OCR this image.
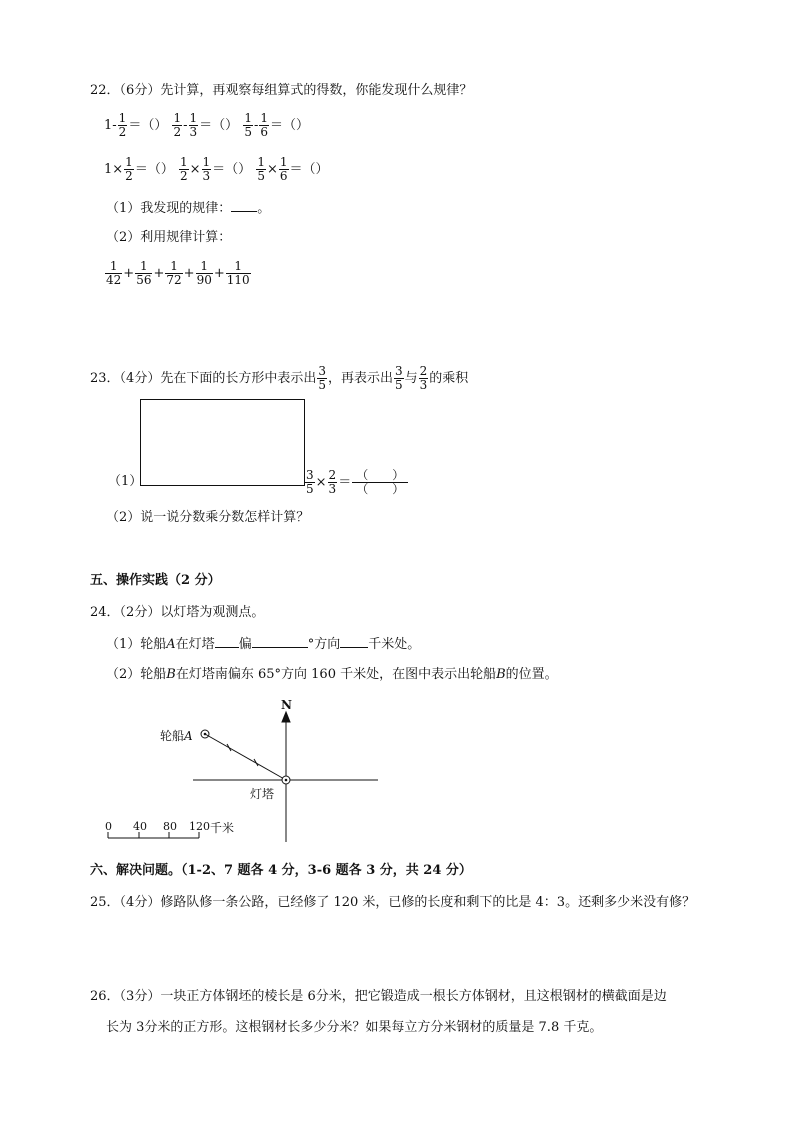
22．（6分）先计算，再观察每组算式的得数，你能发现什么规律？
$1- \frac{1}{2}$ ＝（） $\frac{1}{2} - \frac{1}{3}$ ＝（） $\frac{1}{5} - \frac{1}{6}$ ＝（）
$1\times \frac{1}{2}$ ＝（） $\frac{1}{2} \times \frac{1}{3}$ ＝（） $\frac{1}{5} \times \frac{1}{6}$ ＝（）
（1）我发现的规律： 。
（2）利用规律计算：
$\frac{1}{42} + \frac{1}{56} + \frac{1}{72} + \frac{1}{90} + \frac{1}{110}$
23．（4分）先在下面的长方形中表示出 $\frac{3}{5}$ ，再表示出 $\frac{3}{5}$ 与 $\frac{2}{3}$ 的乘积
（1）	$\frac{3}{5} \times \frac{2}{3} = \frac{( )}{( )}$
（2）说一说分数乘分数怎样计算？
五、操作实践（2 分）
24．（2分）以灯塔为观测点。
（1）轮船A在灯塔 偏	°方向 千米处。
（2）轮船B在灯塔南偏东 65°方向 160 千米处，在图中表示出轮船B的位置。
N
轮船A
灯塔
0 40 80 120 千米
六、解决问题。（1-2、7 题各 4 分，3-6 题各 3 分，共 24 分）
25．（4分）修路队修一条公路，已经修了 120 米，已修的长度和剩下的比是 4：3。还剩多少米没有修？
26．（3分）一块正方体钢坯的棱长是 6分米，把它锻造成一根长方体钢材，且这根钢材的横截面是边
长为 3分米的正方形。这根钢材长多少分米？如果每立方分米钢材的质量是 7.8 千克。
